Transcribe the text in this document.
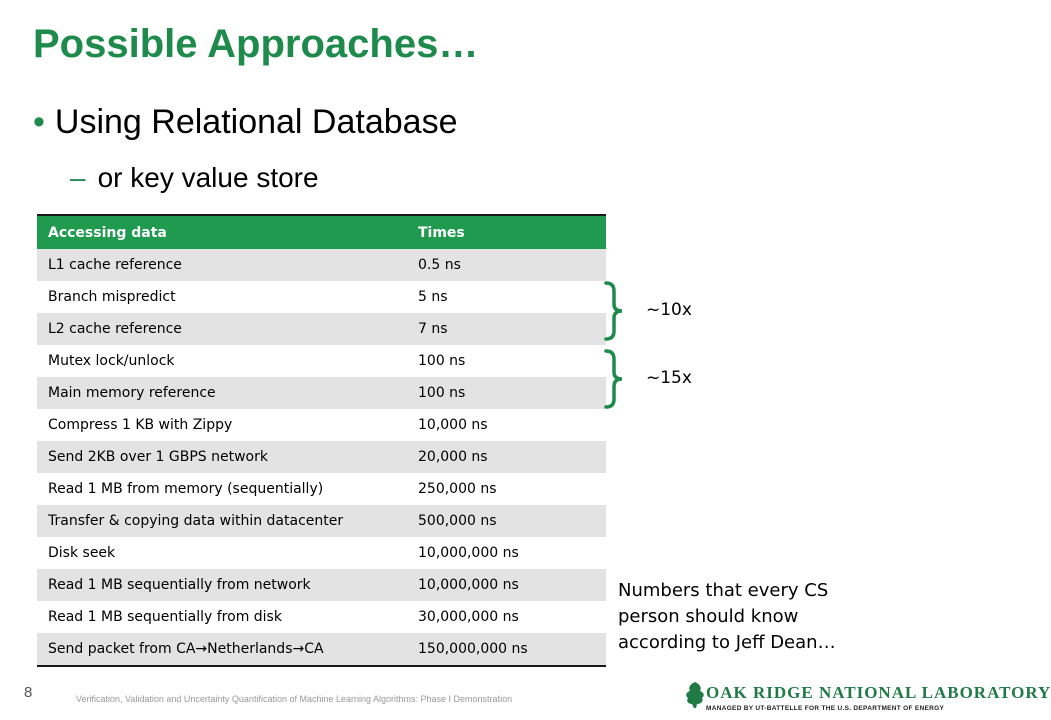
Possible Approaches…
• Using Relational Database
– or key value store
Accessing data	Times
L1 cache reference	0.5 ns
Branch mispredict	5 ns
L2 cache reference	7 ns
Mutex lock/unlock	100 ns
Main memory reference	100 ns
Compress 1 KB with Zippy	10,000 ns
Send 2KB over 1 GBPS network	20,000 ns
Read 1 MB from memory (sequentially)	250,000 ns
Transfer & copying data within datacenter	500,000 ns
Disk seek	10,000,000 ns
Read 1 MB sequentially from network	10,000,000 ns
Read 1 MB sequentially from disk	30,000,000 ns
Send packet from CA→Netherlands→CA	150,000,000 ns
~10x
~15x
Numbers that every CS
person should know
according to Jeff Dean…
8	Verification, Validation and Uncertainty Quantification of Machine Learning Algorithms: Phase I Demonstration	OAK RIDGE NATIONAL LABORATORY
MANAGED BY UT-BATTELLE FOR THE U.S. DEPARTMENT OF ENERGY
